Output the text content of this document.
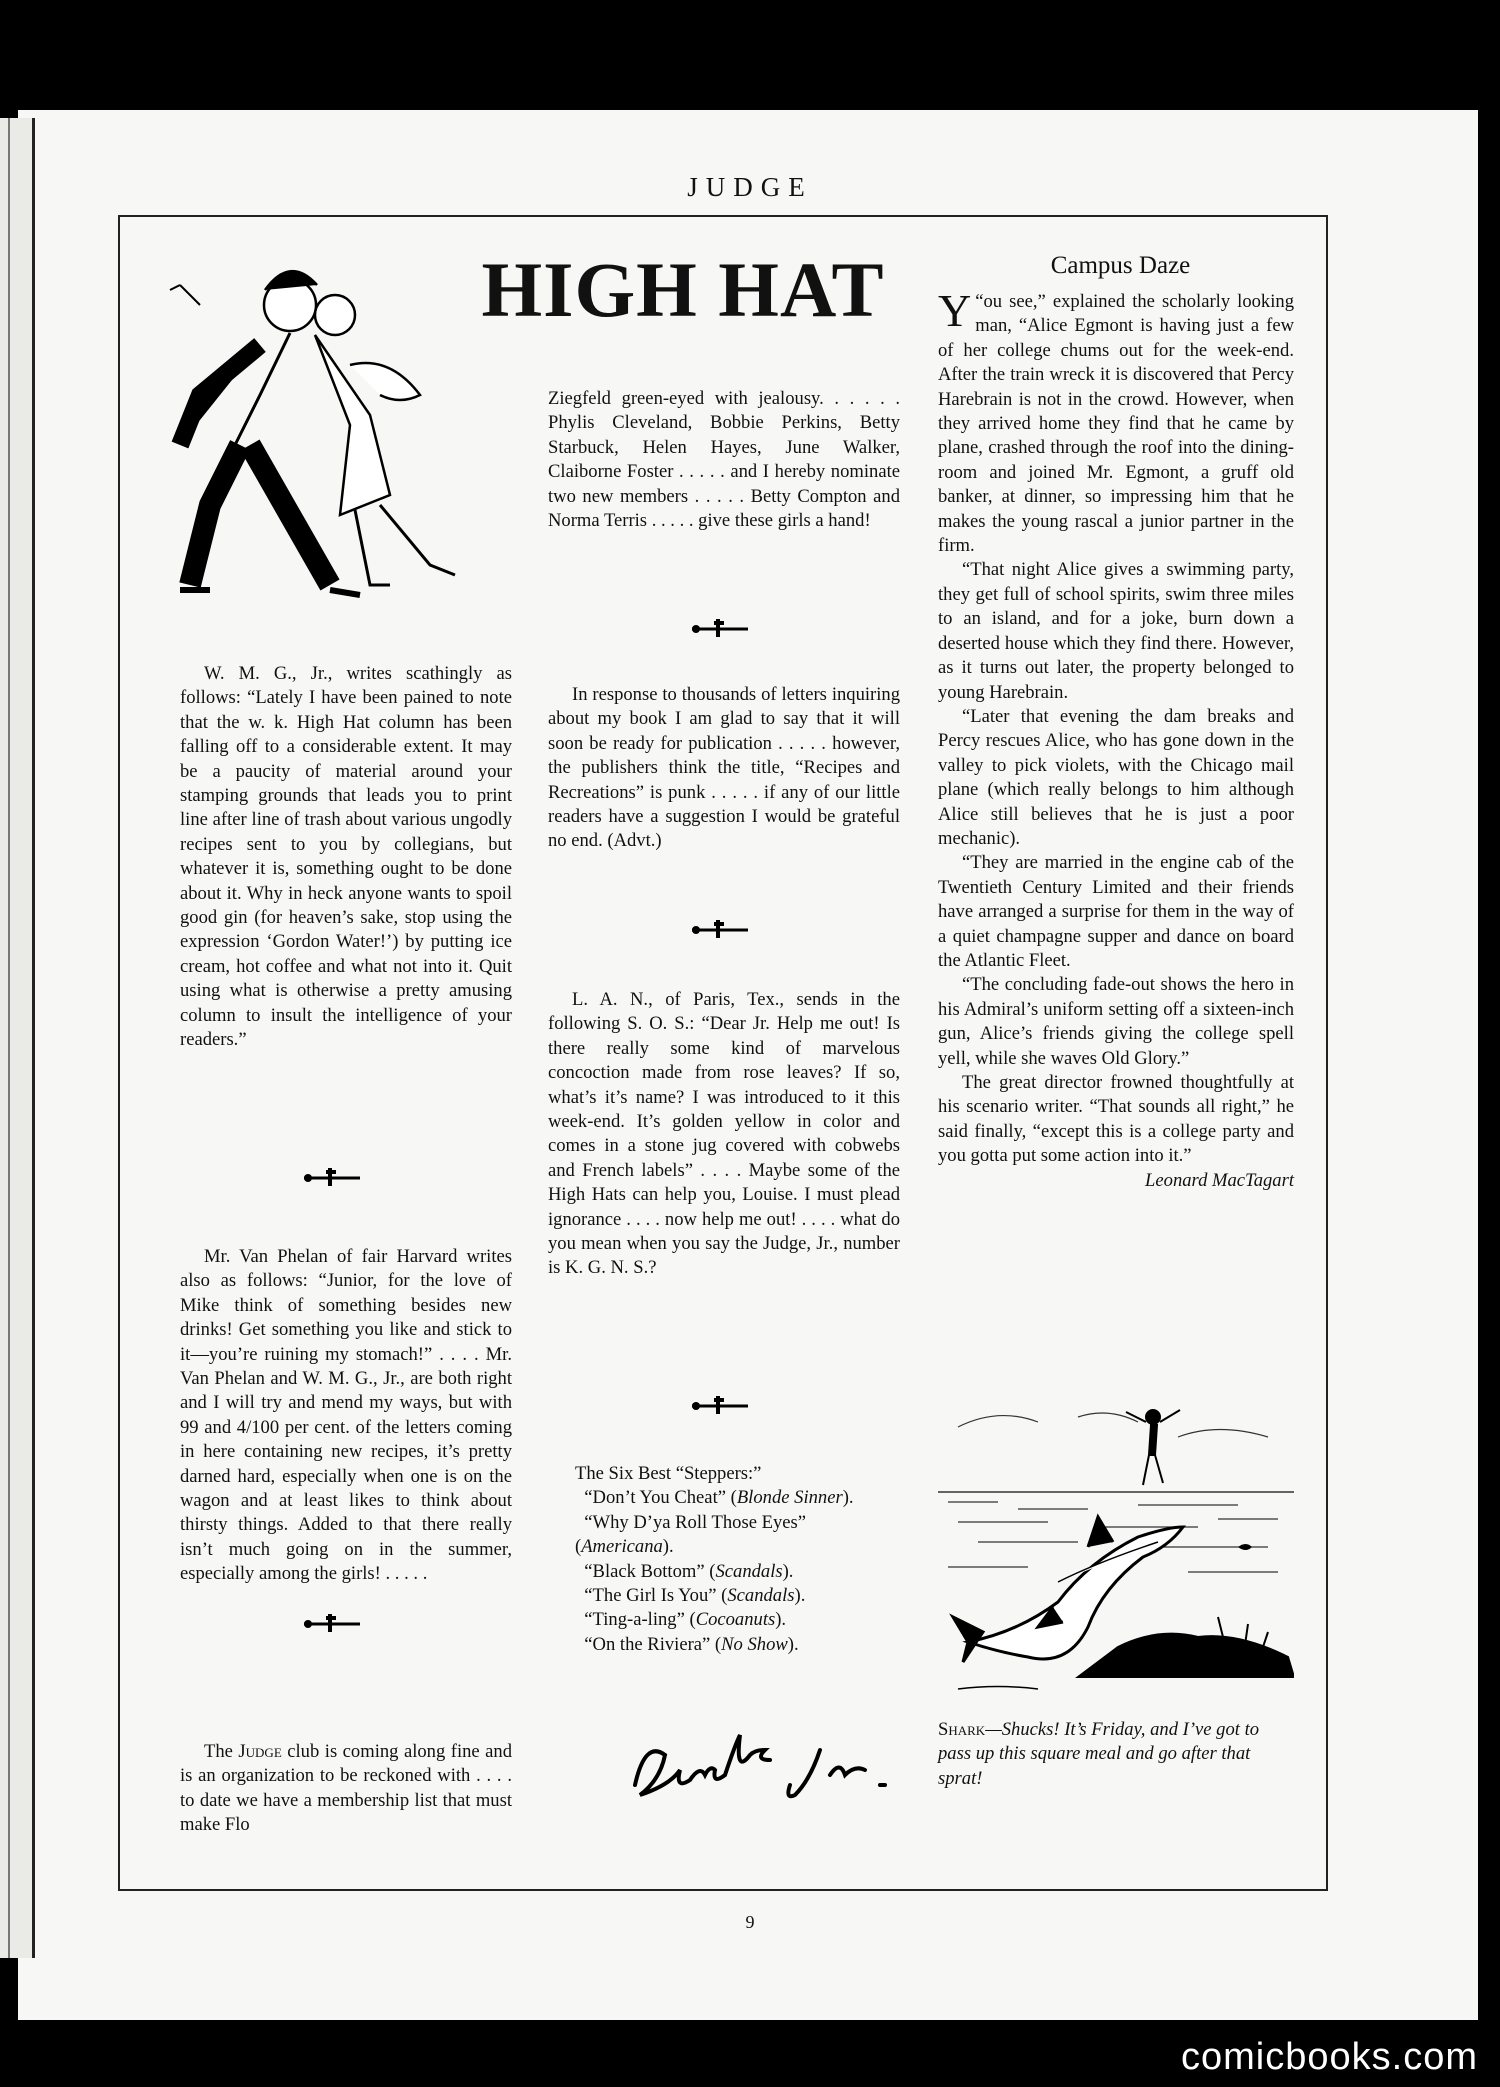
JUDGE
HIGH HAT	Campus Daze

W. M. G., Jr., writes scathingly as follows: “Lately I have been pained to note that the w. k. High Hat column has been falling off to a considerable extent. It may be a paucity of material around your stamping grounds that leads you to print line after line of trash about various ungodly recipes sent to you by collegians, but whatever it is, something ought to be done about it. Why in heck anyone wants to spoil good gin (for heaven’s sake, stop using the expression ‘Gordon Water!’) by putting ice cream, hot coffee and what not into it. Quit using what is otherwise a pretty amusing column to insult the intelligence of your readers.”

Mr. Van Phelan of fair Harvard writes also as follows: “Junior, for the love of Mike think of something besides new drinks! Get something you like and stick to it—you’re ruining my stomach!” . . . . Mr. Van Phelan and W. M. G., Jr., are both right and I will try and mend my ways, but with 99 and 4/100 per cent. of the letters coming in here containing new recipes, it’s pretty darned hard, especially when one is on the wagon and at least likes to think about thirsty things. Added to that there really isn’t much going on in the summer, especially among the girls! . . . . .

The Judge club is coming along fine and is an organization to be reckoned with . . . . to date we have a membership list that must make Flo

Ziegfeld green-eyed with jealousy. . . . . . Phylis Cleveland, Bobbie Perkins, Betty Starbuck, Helen Hayes, June Walker, Claiborne Foster . . . . . and I hereby nominate two new members . . . . . Betty Compton and Norma Terris . . . . . give these girls a hand!

In response to thousands of letters inquiring about my book I am glad to say that it will soon be ready for publication . . . . . however, the publishers think the title, “Recipes and Recreations” is punk . . . . . if any of our little readers have a suggestion I would be grateful no end. (Advt.)

L. A. N., of Paris, Tex., sends in the following S. O. S.: “Dear Jr. Help me out! Is there really some kind of marvelous concoction made from rose leaves? If so, what’s it’s name? I was introduced to it this week-end. It’s golden yellow in color and comes in a stone jug covered with cobwebs and French labels” . . . . Maybe some of the High Hats can help you, Louise. I must plead ignorance . . . . now help me out! . . . . what do you mean when you say the Judge, Jr., number is K. G. N. S.?

The Six Best “Steppers:”

“Don’t You Cheat” (Blonde Sinner).

“Why D’ya Roll Those Eyes” (Americana).

“Black Bottom” (Scandals).

“The Girl Is You” (Scandals).

“Ting-a-ling” (Cocoanuts).

“On the Riviera” (No Show).

“
Y ou see,” explained the scholarly looking man, “Alice Egmont is having just a few of her college chums out for the week-end. After the train wreck it is discovered that Percy Harebrain is not in the crowd. However, when they arrived home they find that he came by plane, crashed through the roof into the dining-room and joined Mr. Egmont, a gruff old banker, at dinner, so impressing him that he makes the young rascal a junior partner in the firm.

“That night Alice gives a swimming party, they get full of school spirits, swim three miles to an island, and for a joke, burn down a deserted house which they find there. However, as it turns out later, the property belonged to young Harebrain.

“Later that evening the dam breaks and Percy rescues Alice, who has gone down in the valley to pick violets, with the Chicago mail plane (which really belongs to him although Alice still believes that he is just a poor mechanic).

“They are married in the engine cab of the Twentieth Century Limited and their friends have arranged a surprise for them in the way of a quiet champagne supper and dance on board the Atlantic Fleet.

“The concluding fade-out shows the hero in his Admiral’s uniform setting off a sixteen-inch gun, Alice’s friends giving the college spell yell, while she waves Old Glory.”

The great director frowned thoughtfully at his scenario writer. “That sounds all right,” he said finally, “except this is a college party and you gotta put some action into it.”

Leonard MacTagart

Shark—Shucks! It’s Friday, and I’ve got to pass up this square meal and go after that sprat!

9
comicbooks.com
